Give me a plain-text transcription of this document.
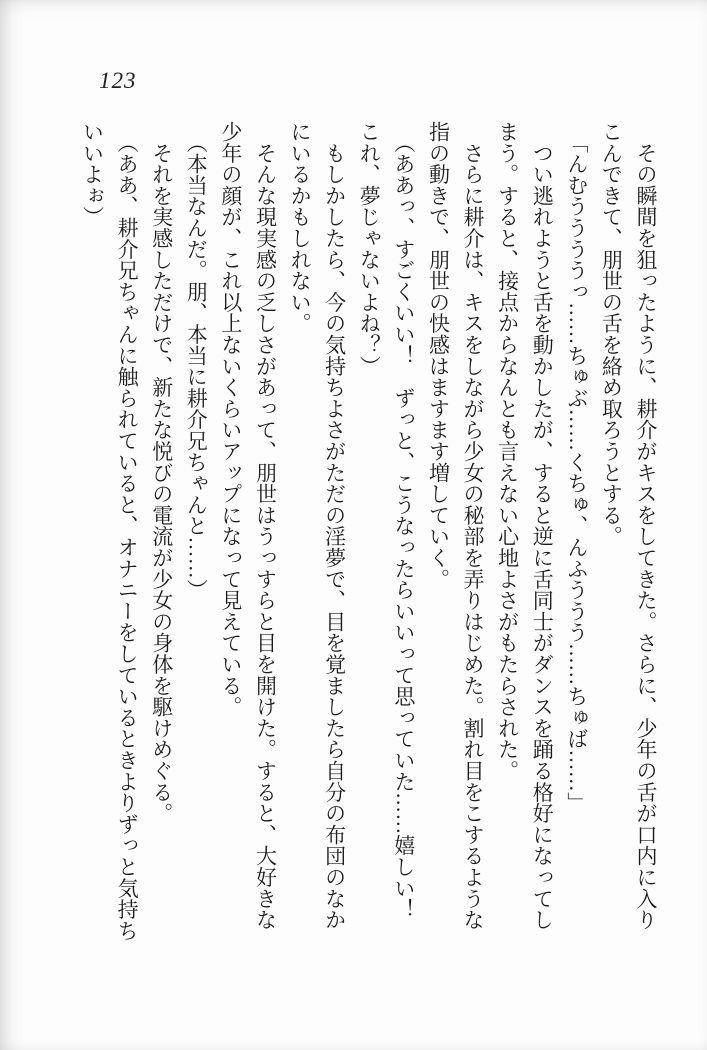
123
　その瞬間を狙ったように、耕介がキスをしてきた。さらに、少年の舌が口内に入り
こんできて、朋世の舌を絡め取ろうとする。
　「んむううううっ……ちゅぶ……くちゅ、んふううう……ちゅば……」
　つい逃れようと舌を動かしたが、すると逆に舌同士がダンスを踊る格好になってし
まう。すると、接点からなんとも言えない心地よさがもたらされた。
　さらに耕介は、キスをしながら少女の秘部を弄りはじめた。割れ目をこするような
指の動きで、朋世の快感はますます増していく。
　（ああっ、すごくいい！　ずっと、こうなったらいいって思っていた……嬉しい！
これ、夢じゃないよね？）
　もしかしたら、今の気持ちよさがただの淫夢で、目を覚ましたら自分の布団のなか
にいるかもしれない。
　そんな現実感の乏しさがあって、朋世はうっすらと目を開けた。すると、大好きな
少年の顔が、これ以上ないくらいアップになって見えている。
　（本当なんだ。朋、本当に耕介兄ちゃんと……）
　それを実感しただけで、新たな悦びの電流が少女の身体を駆けめぐる。
　（ああ、耕介兄ちゃんに触られていると、オナニーをしているときよりずっと気持ち
いいよぉ）
